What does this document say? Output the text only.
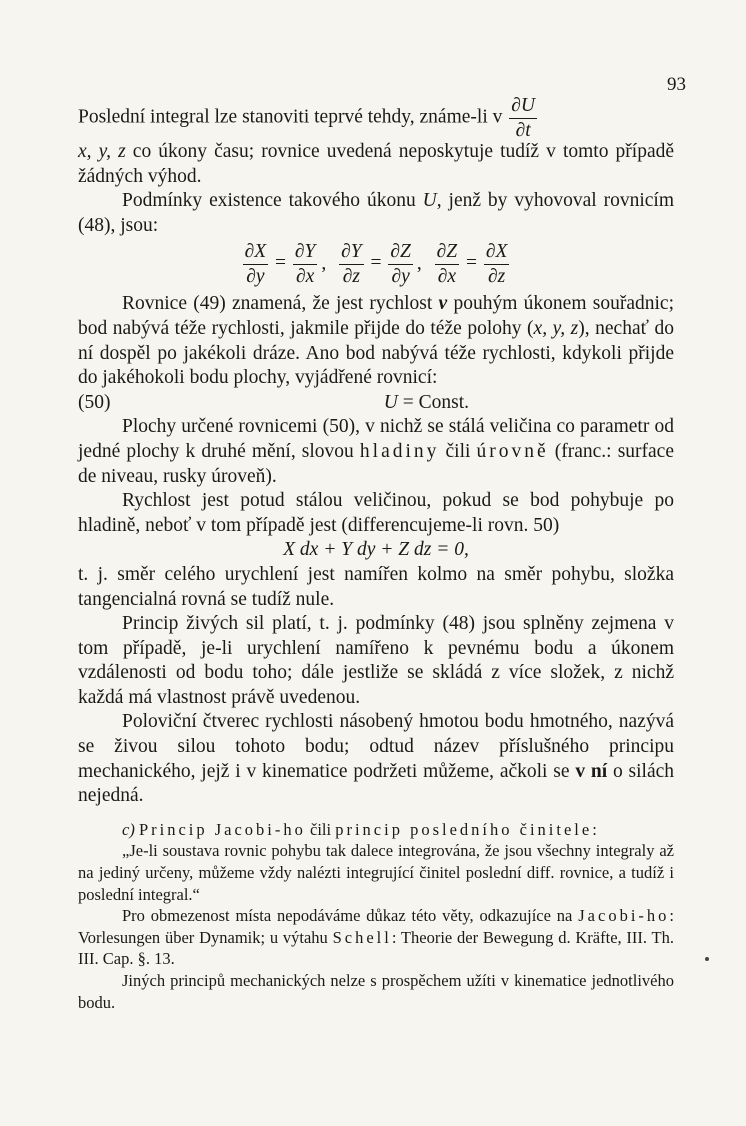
93

Poslední integral lze stanoviti teprvé tehdy, známe-li v $\frac{\partial U}{\partial t}$

x, y, z co úkony času; rovnice uvedená neposkytuje tudíž v tomto případě žádných výhod.

Podmínky existence takového úkonu U, jenž by vyhovoval rovnicím (48), jsou:

$\frac{\partial X}{\partial y} = \frac{\partial Y}{\partial x}$ , $\frac{\partial Y}{\partial z} = \frac{\partial Z}{\partial y}$ , $\frac{\partial Z}{\partial x} = \frac{\partial X}{\partial z}$

Rovnice (49) znamená, že jest rychlost v pouhým úkonem souřadnic; bod nabývá téže rychlosti, jakmile přijde do téže polohy (x, y, z), nechať do ní dospěl po jakékoli dráze. Ano bod nabývá téže rychlosti, kdykoli přijde do jakéhokoli bodu plochy, vyjádřené rovnicí:

(50)	U = Const.

Plochy určené rovnicemi (50), v nichž se stálá veličina co parametr od jedné plochy k druhé mění, slovou hladiny čili úrovně (franc.: surface de niveau, rusky úroveň).

Rychlost jest potud stálou veličinou, pokud se bod pohybuje po hladině, neboť v tom případě jest (differencujeme-li rovn. 50)

X dx + Y dy + Z dz = 0,

t. j. směr celého urychlení jest namířen kolmo na směr pohybu, složka tangencialná rovná se tudíž nule.

Princip živých sil platí, t. j. podmínky (48) jsou splněny zejmena v tom případě, je-li urychlení namířeno k pevnému bodu a úkonem vzdálenosti od bodu toho; dále jestliže se skládá z více složek, z nichž každá má vlastnost právě uvedenou.

Poloviční čtverec rychlosti násobený hmotou bodu hmotného, nazývá se živou silou tohoto bodu; odtud název příslušného principu mechanického, jejž i v kinematice podržeti můžeme, ačkoli se v ní o silách nejedná.

c) Princip Jacobi-ho čili princip posledního činitele:

„Je-li soustava rovnic pohybu tak dalece integrována, že jsou všechny integraly až na jediný určeny, můžeme vždy nalézti integrující činitel poslední diff. rovnice, a tudíž i poslední integral.“

Pro obmezenost místa nepodáváme důkaz této věty, odkazujíce na Jacobi-ho: Vorlesungen über Dynamik; u výtahu Schell: Theorie der Bewegung d. Kräfte, III. Th. III. Cap. §. 13.

Jiných principů mechanických nelze s prospěchem užíti v kinematice jednotlivého bodu.
